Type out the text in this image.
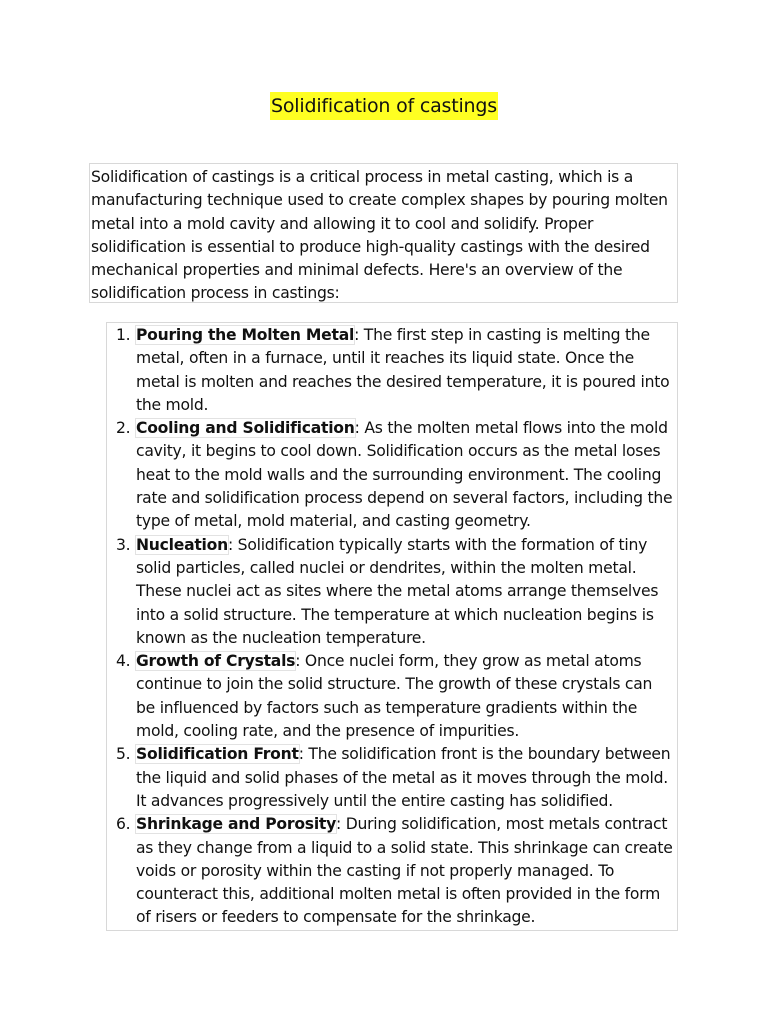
Solidification of castings
Solidification of castings is a critical process in metal casting, which is a manufacturing technique used to create complex shapes by pouring molten metal into a mold cavity and allowing it to cool and solidify. Proper solidification is essential to produce high-quality castings with the desired mechanical properties and minimal defects. Here's an overview of the solidification process in castings:
1. Pouring the Molten Metal: The first step in casting is melting the metal, often in a furnace, until it reaches its liquid state. Once the metal is molten and reaches the desired temperature, it is poured into the mold.
2. Cooling and Solidification: As the molten metal flows into the mold cavity, it begins to cool down. Solidification occurs as the metal loses heat to the mold walls and the surrounding environment. The cooling rate and solidification process depend on several factors, including the type of metal, mold material, and casting geometry.
3. Nucleation: Solidification typically starts with the formation of tiny solid particles, called nuclei or dendrites, within the molten metal. These nuclei act as sites where the metal atoms arrange themselves into a solid structure. The temperature at which nucleation begins is known as the nucleation temperature.
4. Growth of Crystals: Once nuclei form, they grow as metal atoms continue to join the solid structure. The growth of these crystals can be influenced by factors such as temperature gradients within the mold, cooling rate, and the presence of impurities.
5. Solidification Front: The solidification front is the boundary between the liquid and solid phases of the metal as it moves through the mold. It advances progressively until the entire casting has solidified.
6. Shrinkage and Porosity: During solidification, most metals contract as they change from a liquid to a solid state. This shrinkage can create voids or porosity within the casting if not properly managed. To counteract this, additional molten metal is often provided in the form of risers or feeders to compensate for the shrinkage.
